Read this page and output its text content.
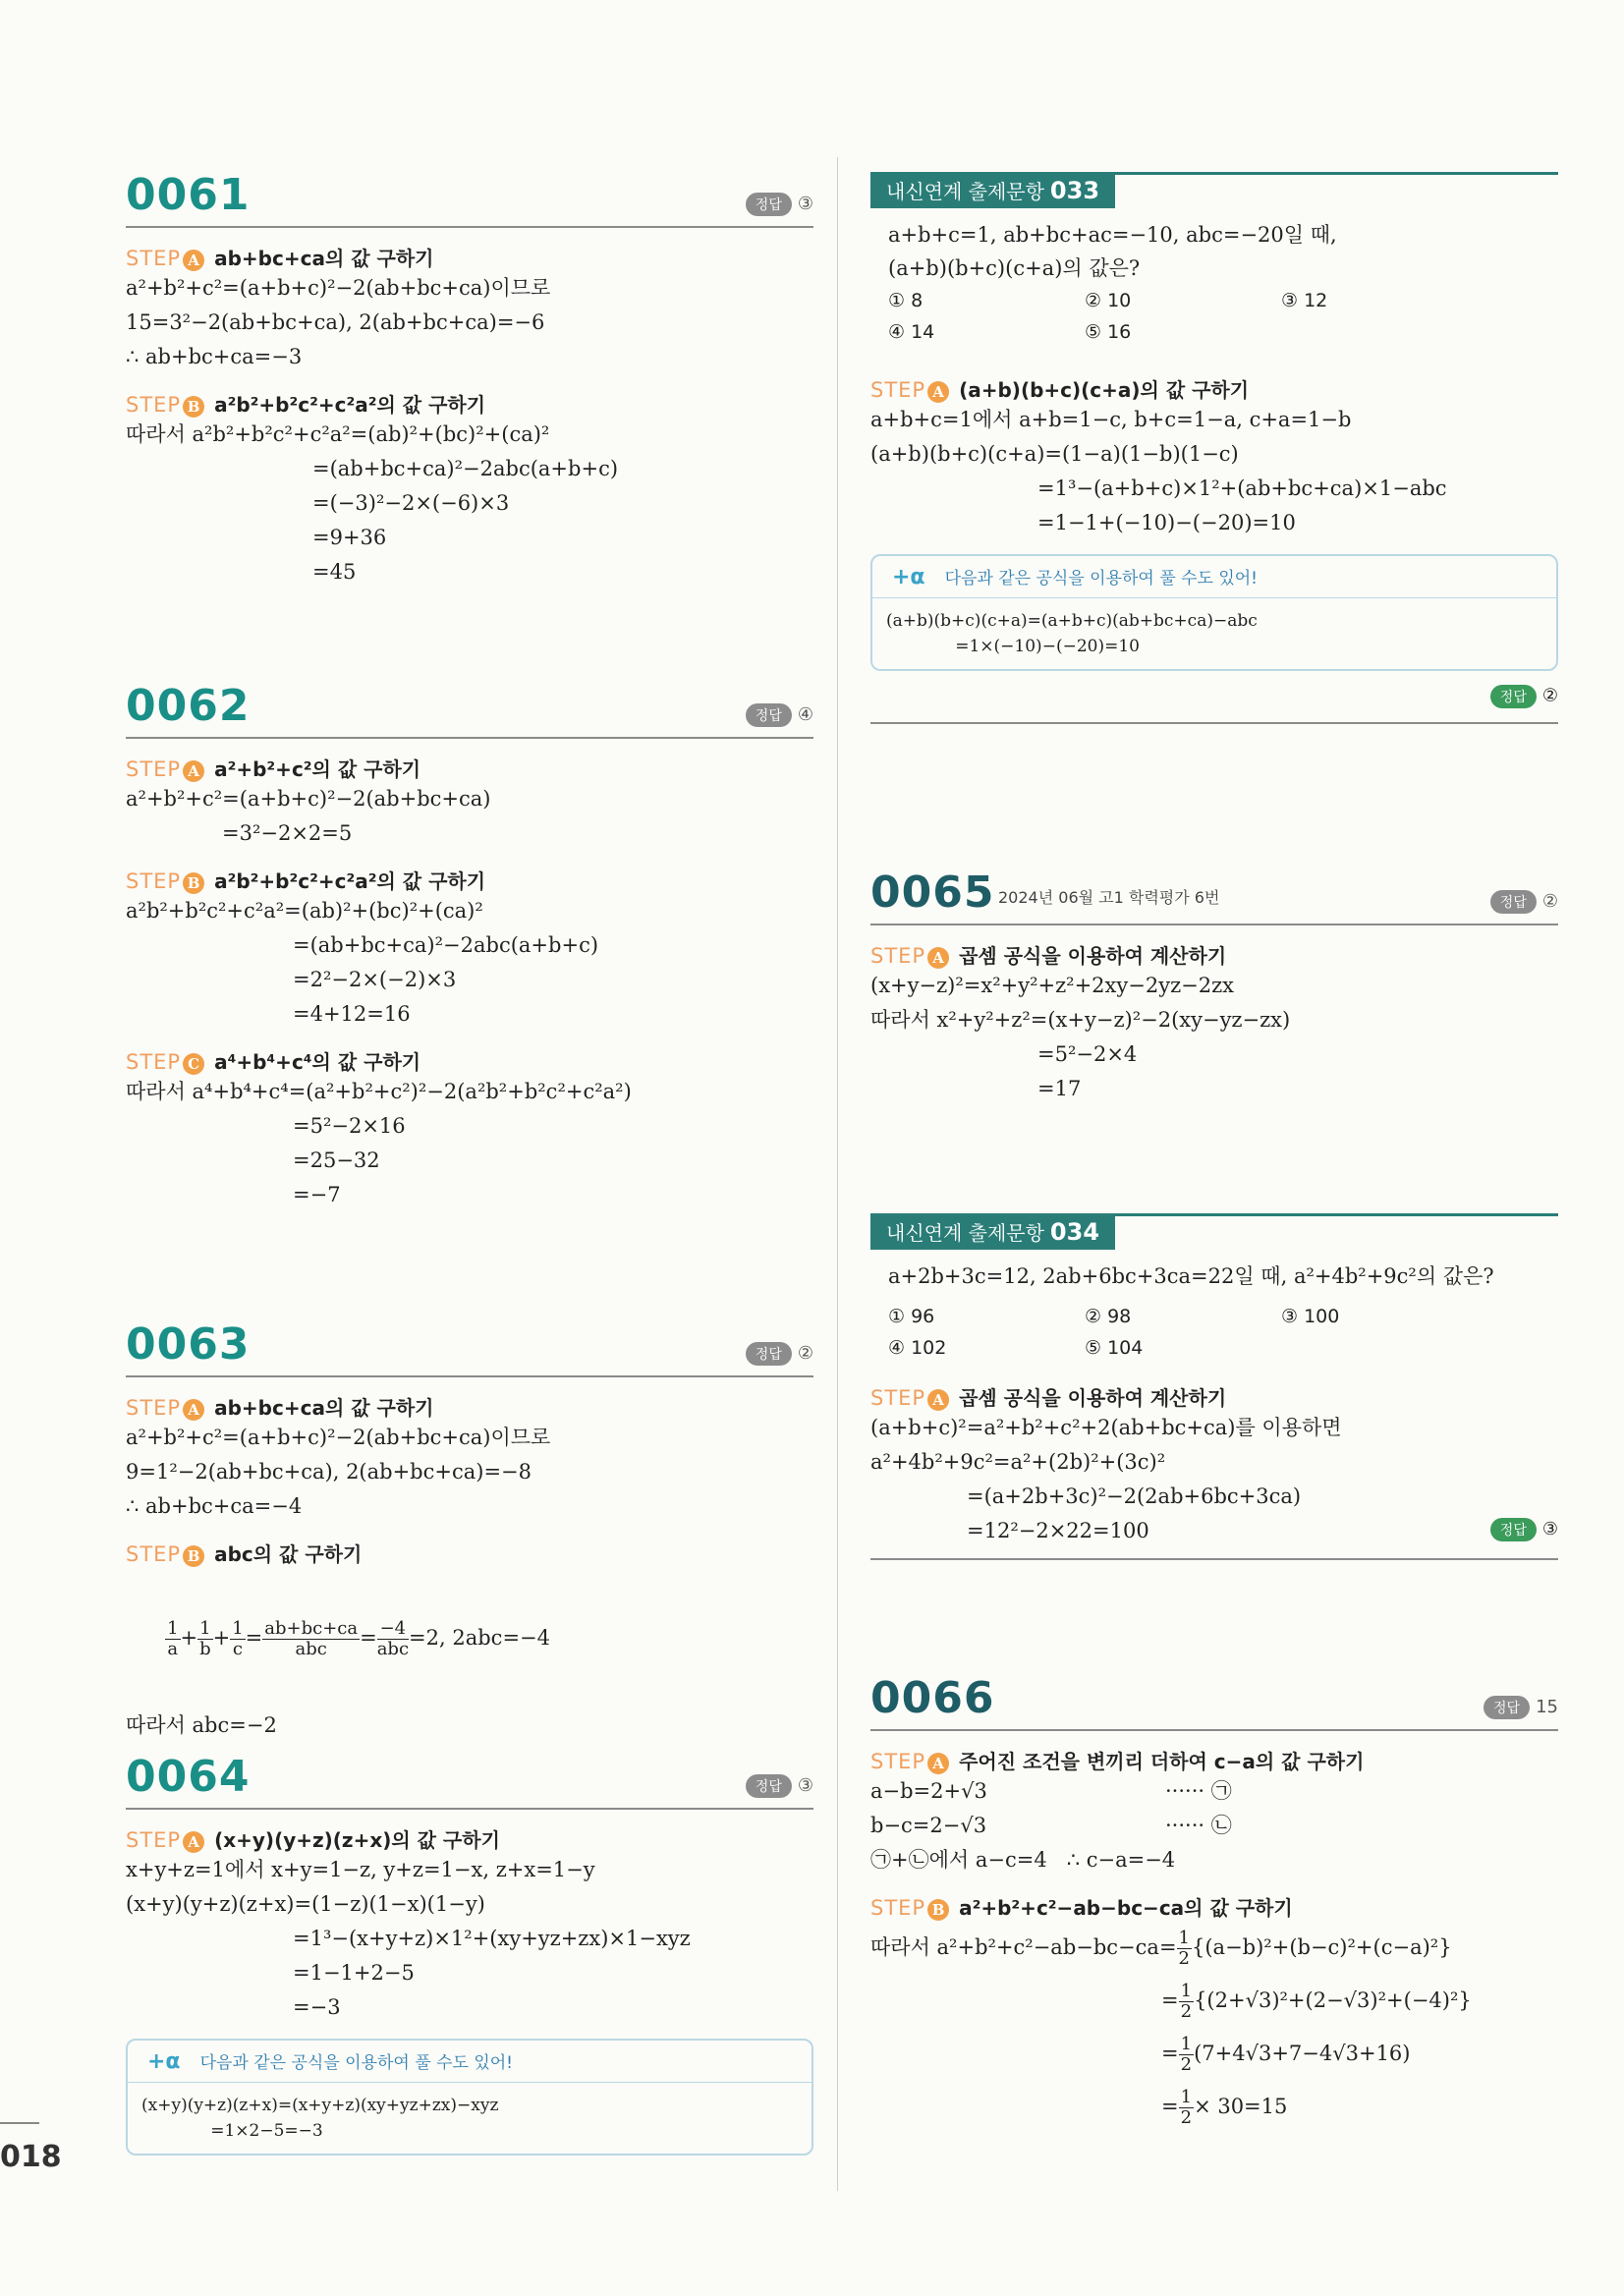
0061	정답 ③
STEP A ab+bc+ca의 값 구하기
a²+b²+c²=(a+b+c)²−2(ab+bc+ca)이므로
15=3²−2(ab+bc+ca), 2(ab+bc+ca)=−6
∴ ab+bc+ca=−3
STEP B a²b²+b²c²+c²a²의 값 구하기
따라서 a²b²+b²c²+c²a²=(ab)²+(bc)²+(ca)²
=(ab+bc+ca)²−2abc(a+b+c)
=(−3)²−2×(−6)×3
=9+36
=45
0062	정답 ④
STEP A a²+b²+c²의 값 구하기
a²+b²+c²=(a+b+c)²−2(ab+bc+ca)
=3²−2×2=5
STEP B a²b²+b²c²+c²a²의 값 구하기
a²b²+b²c²+c²a²=(ab)²+(bc)²+(ca)²
=(ab+bc+ca)²−2abc(a+b+c)
=2²−2×(−2)×3
=4+12=16
STEP C a⁴+b⁴+c⁴의 값 구하기
따라서 a⁴+b⁴+c⁴=(a²+b²+c²)²−2(a²b²+b²c²+c²a²)
=5²−2×16
=25−32
=−7
0063	정답 ②
STEP A ab+bc+ca의 값 구하기
a²+b²+c²=(a+b+c)²−2(ab+bc+ca)이므로
9=1²−2(ab+bc+ca), 2(ab+bc+ca)=−8
∴ ab+bc+ca=−4
STEP B abc의 값 구하기

$\frac{1}{a} + \frac{1}{b} + \frac{1}{c} = \frac{ab+bc+ca}{\text{abc}} = \frac{-4}{\text{abc}} =2$, 2abc=−4

따라서 abc=−2
0064	정답 ③
STEP A (x+y)(y+z)(z+x)의 값 구하기
x+y+z=1에서 x+y=1−z, y+z=1−x, z+x=1−y
(x+y)(y+z)(z+x)=(1−z)(1−x)(1−y)
=1³−(x+y+z)×1²+(xy+yz+zx)×1−xyz
=1−1+2−5
=−3
+α 다음과 같은 공식을 이용하여 풀 수도 있어!
(x+y)(y+z)(z+x)=(x+y+z)(xy+yz+zx)−xyz
=1×2−5=−3
내신연계 출제문항 033
a+b+c=1, ab+bc+ac=−10, abc=−20일 때,
(a+b)(b+c)(c+a)의 값은?
① 8	② 10	③ 12
④ 14	⑤ 16
STEP A (a+b)(b+c)(c+a)의 값 구하기
a+b+c=1에서 a+b=1−c, b+c=1−a, c+a=1−b
(a+b)(b+c)(c+a)=(1−a)(1−b)(1−c)
=1³−(a+b+c)×1²+(ab+bc+ca)×1−abc
=1−1+(−10)−(−20)=10
+α 다음과 같은 공식을 이용하여 풀 수도 있어!
(a+b)(b+c)(c+a)=(a+b+c)(ab+bc+ca)−abc
=1×(−10)−(−20)=10
정답 ②
0065 2024년 06월 고1 학력평가 6번	정답 ②
STEP A 곱셈 공식을 이용하여 계산하기
(x+y−z)²=x²+y²+z²+2xy−2yz−2zx
따라서 x²+y²+z²=(x+y−z)²−2(xy−yz−zx)
=5²−2×4
=17
내신연계 출제문항 034
a+2b+3c=12, 2ab+6bc+3ca=22일 때, a²+4b²+9c²의 값은?
① 96	② 98	③ 100
④ 102	⑤ 104
STEP A 곱셈 공식을 이용하여 계산하기
(a+b+c)²=a²+b²+c²+2(ab+bc+ca)를 이용하면
a²+4b²+9c²=a²+(2b)²+(3c)²
=(a+2b+3c)²−2(2ab+6bc+3ca)
=12²−2×22=100	정답 ③
0066	정답 15
STEP A 주어진 조건을 변끼리 더하여 c−a의 값 구하기
a−b=2+√3	······ ㉠
b−c=2−√3	······ ㉡
㉠+㉡에서 a−c=4   ∴ c−a=−4
STEP B a²+b²+c²−ab−bc−ca의 값 구하기
따라서 $a^2+b^2+c^2-ab-bc-ca= \frac{1}{2} \{(a-b)^2+(b-c)^2+(c-a)^2\}$
= $\frac{1}{2} \{(2+√3)^2+(2-√3)^2+(-4)^2\}$
= $\frac{1}{2} (7+4√3+7-4√3+16)$
= $\frac{1}{2} \times 30=15$
018
